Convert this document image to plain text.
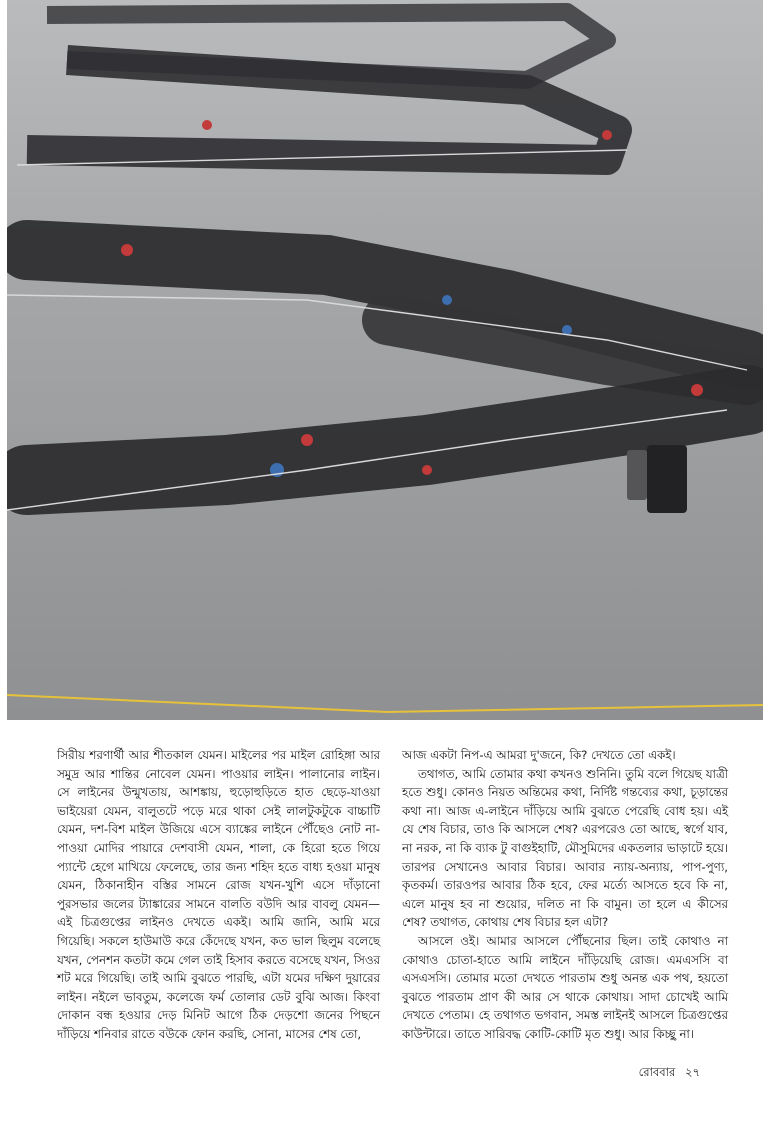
সিরীয় শরণার্থী আর শীতকাল যেমন। মাইলের পর মাইল রোহিঙ্গা আর সমুদ্র আর শান্তির নোবেল যেমন। পাওয়ার লাইন। পালানোর লাইন। সে লাইনের উন্মুখতায়, আশঙ্কায়, হুড়োহুড়িতে হাত ছেড়ে-যাওয়া ভাইয়েরা যেমন, বালুতটে পড়ে মরে থাকা সেই লালটুকটুকে বাচ্চাটি যেমন, দশ-বিশ মাইল উজিয়ে এসে ব্যাঙ্কের লাইনে পৌঁছেও নোট না-পাওয়া মোদির পায়ারে দেশবাসী যেমন, শালা, কে হিরো হতে গিয়ে প্যান্টে হেগে মাখিয়ে ফেলেছে, তার জন্য শহিদ হতে বাধ্য হওয়া মানুষ যেমন, ঠিকানাহীন বস্তির সামনে রোজ যখন-খুশি এসে দাঁড়ানো পুরসভার জলের ট্যাঙ্কারের সামনে বালতি বউদি আর বাবলু যেমন—এই চিত্রগুপ্তের লাইনও দেখতে একই। আমি জানি, আমি মরে গিয়েছি। সকলে হাউমাউ করে কেঁদেছে যখন, কত ভাল ছিলুম বলেছে যখন, পেনশন কতটা কমে গেল তাই হিসাব করতে বসেছে যখন, সিওর শট মরে গিয়েছি। তাই আমি বুঝতে পারছি, এটা যমের দক্ষিণ দুয়ারের লাইন। নইলে ভাবতুম, কলেজে ফর্ম তোলার ডেট বুঝি আজ। কিংবা দোকান বন্ধ হওয়ার দেড় মিনিট আগে ঠিক দেড়শো জনের পিছনে দাঁড়িয়ে শনিবার রাতে বউকে ফোন করছি, সোনা, মাসের শেষ তো,

আজ একটা নিপ-এ আমরা দু'জনে, কি? দেখতে তো একই।

তথাগত, আমি তোমার কথা কখনও শুনিনি। তুমি বলে গিয়েছ যাত্রী হতে শুধু। কোনও নিয়ত অন্তিমের কথা, নির্দিষ্ট গন্তব্যের কথা, চূড়ান্তের কথা না। আজ এ-লাইনে দাঁড়িয়ে আমি বুঝতে পেরেছি বোধ হয়। এই যে শেষ বিচার, তাও কি আসলে শেষ? এরপরেও তো আছে, স্বর্গে যাব, না নরক, না কি ব্যাক টু বাগুইহাটি, মৌসুমিদের একতলার ভাড়াটে হয়ে। তারপর সেখানেও আবার বিচার। আবার ন্যায়-অন্যায়, পাপ-পুণ্য, কৃতকর্ম। তারওপর আবার ঠিক হবে, ফের মর্ত্যে আসতে হবে কি না, এলে মানুষ হব না শুয়োর, দলিত না কি বামুন। তা হলে এ কীসের শেষ? তথাগত, কোথায় শেষ বিচার হল এটা?

আসলে ওই। আমার আসলে পৌঁছনোর ছিল। তাই কোথাও না কোথাও চোতা-হাতে আমি লাইনে দাঁড়িয়েছি রোজ। এমএসসি বা এসএসসি। তোমার মতো দেখতে পারতাম শুধু অনন্ত এক পথ, হয়তো বুঝতে পারতাম প্রাণ কী আর সে থাকে কোথায়। সাদা চোখেই আমি দেখতে পেতাম। হে তথাগত ভগবান, সমস্ত লাইনই আসলে চিত্রগুপ্তের কাউন্টারে। তাতে সারিবদ্ধ কোটি-কোটি মৃত শুধু। আর কিচ্ছু না।

রোববার ২৭
